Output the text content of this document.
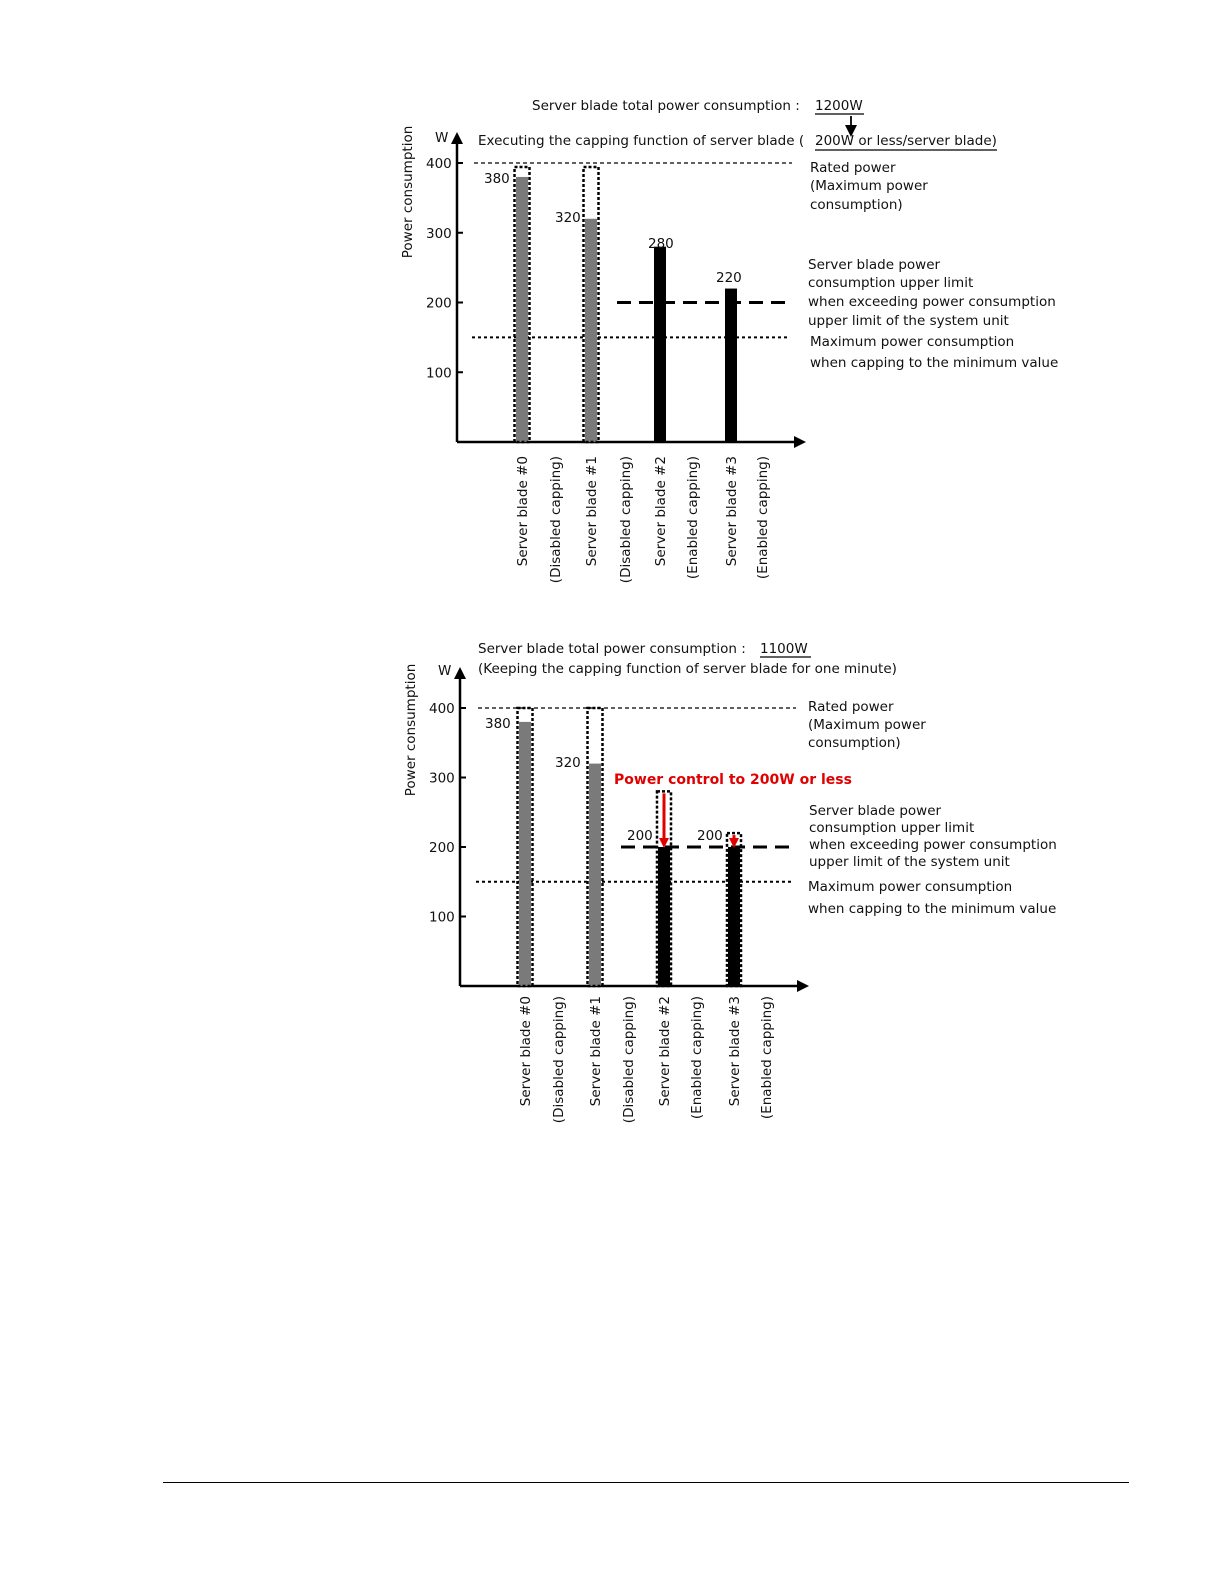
Server blade total power consumption : 1200W
Executing the capping function of server blade ( 200W or less/server blade)
Power consumption W
100
200
300
400
380
320
280
220
Server blade #0 (Disabled capping) Server blade #1 (Disabled capping) Server blade #2 (Enabled capping) Server blade #3 (Enabled capping)
Rated power
(Maximum power
consumption)
Server blade power
consumption upper limit
when exceeding power consumption
upper limit of the system unit
Maximum power consumption
when capping to the minimum value
Server blade total power consumption : 1100W
(Keeping the capping function of server blade for one minute)
Power consumption W
100
200
300
400
380
320
200	200
Server blade #0 (Disabled capping) Server blade #1 (Disabled capping) Server blade #2 (Enabled capping) Server blade #3 (Enabled capping)
Power control to 200W or less
Rated power
(Maximum power
consumption)
Server blade power
consumption upper limit
when exceeding power consumption
upper limit of the system unit
Maximum power consumption
when capping to the minimum value
